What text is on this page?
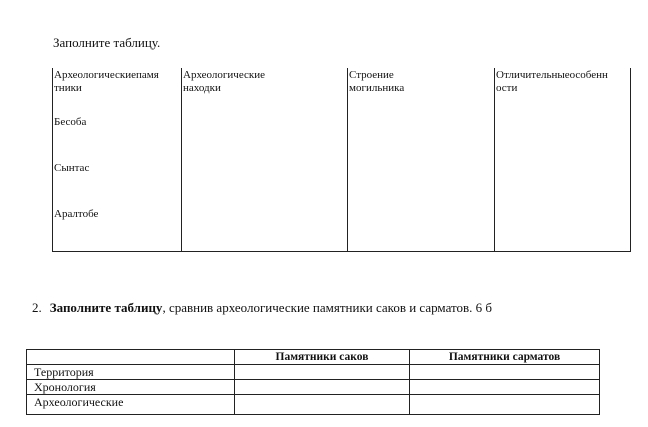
Заполните таблицу.
Археологическиепамя
тники
Археологические
находки
Строение
могильника
Отличительныеособенн
ости
Бесоба
Сынтас
Аралтобе
2. Заполните таблицу, сравнив археологические памятники саков и сарматов. 6 б
Памятники саков	Памятники сарматов
Территория
Хронология
Археологические
